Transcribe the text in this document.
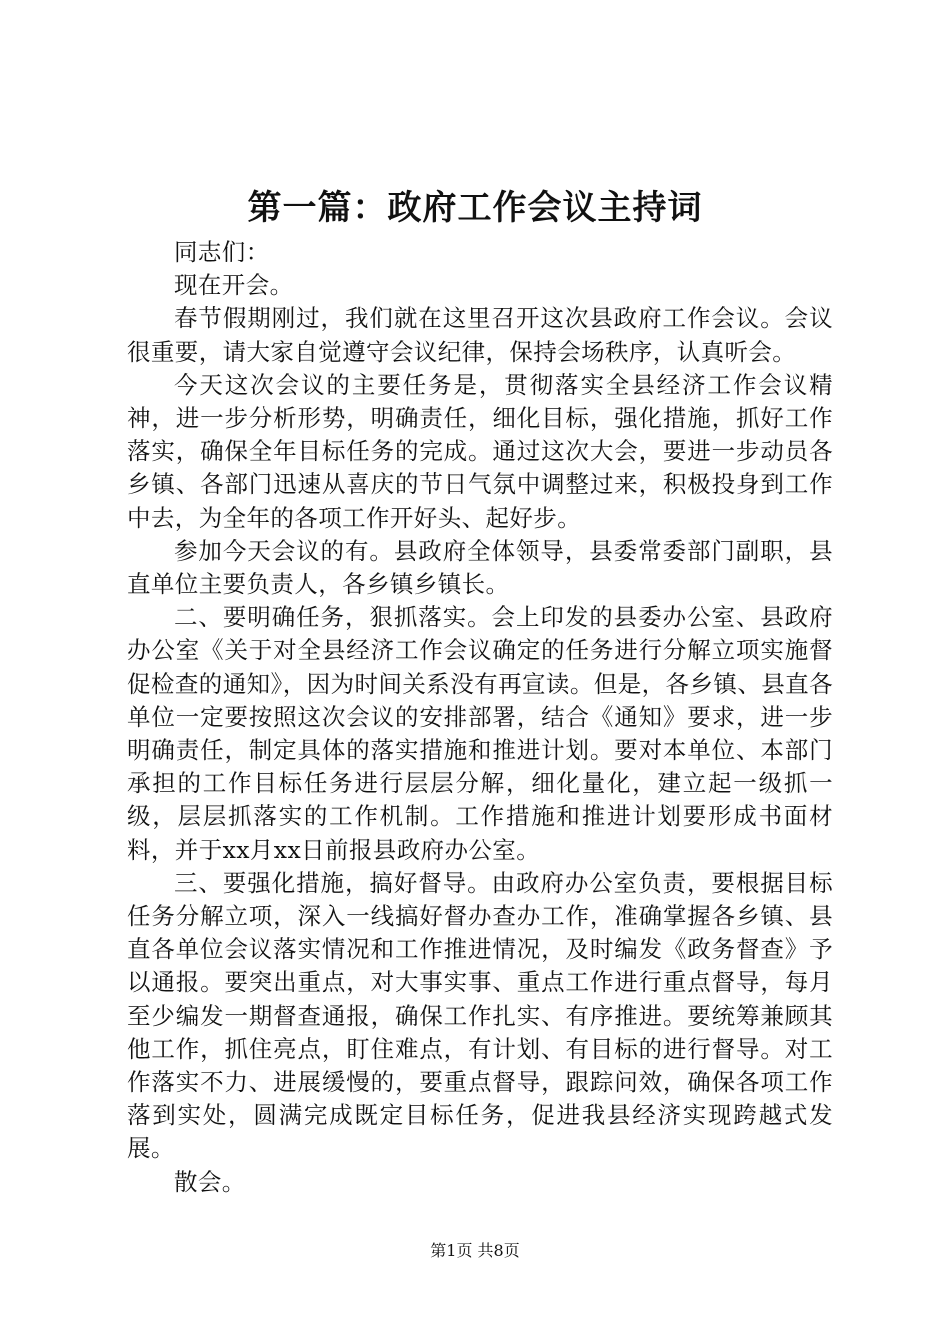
第一篇：政府工作会议主持词

同志们：

现在开会。

春节假期刚过，我们就在这里召开这次县政府工作会议。会议很重要，请大家自觉遵守会议纪律，保持会场秩序，认真听会。

今天这次会议的主要任务是，贯彻落实全县经济工作会议精神，进一步分析形势，明确责任，细化目标，强化措施，抓好工作落实，确保全年目标任务的完成。通过这次大会，要进一步动员各乡镇、各部门迅速从喜庆的节日气氛中调整过来，积极投身到工作中去，为全年的各项工作开好头、起好步。

参加今天会议的有。县政府全体领导，县委常委部门副职，县直单位主要负责人，各乡镇乡镇长。

二、要明确任务，狠抓落实。会上印发的县委办公室、县政府办公室《关于对全县经济工作会议确定的任务进行分解立项实施督促检查的通知》，因为时间关系没有再宣读。但是，各乡镇、县直各单位一定要按照这次会议的安排部署，结合《通知》要求，进一步明确责任，制定具体的落实措施和推进计划。要对本单位、本部门承担的工作目标任务进行层层分解，细化量化，建立起一级抓一级，层层抓落实的工作机制。工作措施和推进计划要形成书面材料，并于xx月xx日前报县政府办公室。

三、要强化措施，搞好督导。由政府办公室负责，要根据目标任务分解立项，深入一线搞好督办查办工作，准确掌握各乡镇、县直各单位会议落实情况和工作推进情况，及时编发《政务督查》予以通报。要突出重点，对大事实事、重点工作进行重点督导，每月至少编发一期督查通报，确保工作扎实、有序推进。要统筹兼顾其他工作，抓住亮点，盯住难点，有计划、有目标的进行督导。对工作落实不力、进展缓慢的，要重点督导，跟踪问效，确保各项工作落到实处，圆满完成既定目标任务，促进我县经济实现跨越式发展。

散会。

第1页 共8页
